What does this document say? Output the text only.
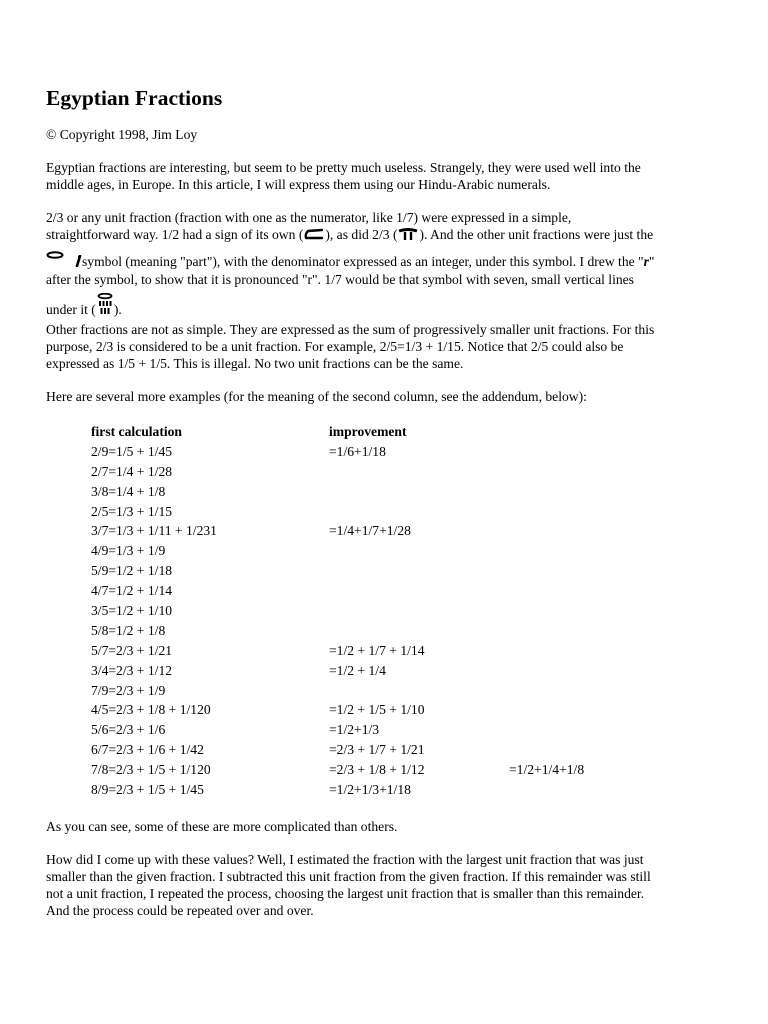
Egyptian Fractions

© Copyright 1998, Jim Loy

Egyptian fractions are interesting, but seem to be pretty much useless. Strangely, they were used well into the
middle ages, in Europe. In this article, I will express them using our Hindu-Arabic numerals.

2/3 or any unit fraction (fraction with one as the numerator, like 1/7) were expressed in a simple,
straightforward way. 1/2 had a sign of its own ( ), as did 2/3 ( ). And the other unit fractions were just the
symbol (meaning "part"), with the denominator expressed as an integer, under this symbol. I drew the "r"
after the symbol, to show that it is pronounced "r". 1/7 would be that symbol with seven, small vertical lines
under it ( ).

Other fractions are not as simple. They are expressed as the sum of progressively smaller unit fractions. For this
purpose, 2/3 is considered to be a unit fraction. For example, 2/5=1/3 + 1/15. Notice that 2/5 could also be
expressed as 1/5 + 1/5. This is illegal. No two unit fractions can be the same.

Here are several more examples (for the meaning of the second column, see the addendum, below):

first calculation	improvement
2/9=1/5 + 1/45	=1/6+1/18
2/7=1/4 + 1/28
3/8=1/4 + 1/8
2/5=1/3 + 1/15
3/7=1/3 + 1/11 + 1/231	=1/4+1/7+1/28
4/9=1/3 + 1/9
5/9=1/2 + 1/18
4/7=1/2 + 1/14
3/5=1/2 + 1/10
5/8=1/2 + 1/8
5/7=2/3 + 1/21	=1/2 + 1/7 + 1/14
3/4=2/3 + 1/12	=1/2 + 1/4
7/9=2/3 + 1/9
4/5=2/3 + 1/8 + 1/120	=1/2 + 1/5 + 1/10
5/6=2/3 + 1/6	=1/2+1/3
6/7=2/3 + 1/6 + 1/42	=2/3 + 1/7 + 1/21
7/8=2/3 + 1/5 + 1/120	=2/3 + 1/8 + 1/12	=1/2+1/4+1/8
8/9=2/3 + 1/5 + 1/45	=1/2+1/3+1/18

As you can see, some of these are more complicated than others.

How did I come up with these values? Well, I estimated the fraction with the largest unit fraction that was just
smaller than the given fraction. I subtracted this unit fraction from the given fraction. If this remainder was still
not a unit fraction, I repeated the process, choosing the largest unit fraction that is smaller than this remainder.
And the process could be repeated over and over.
